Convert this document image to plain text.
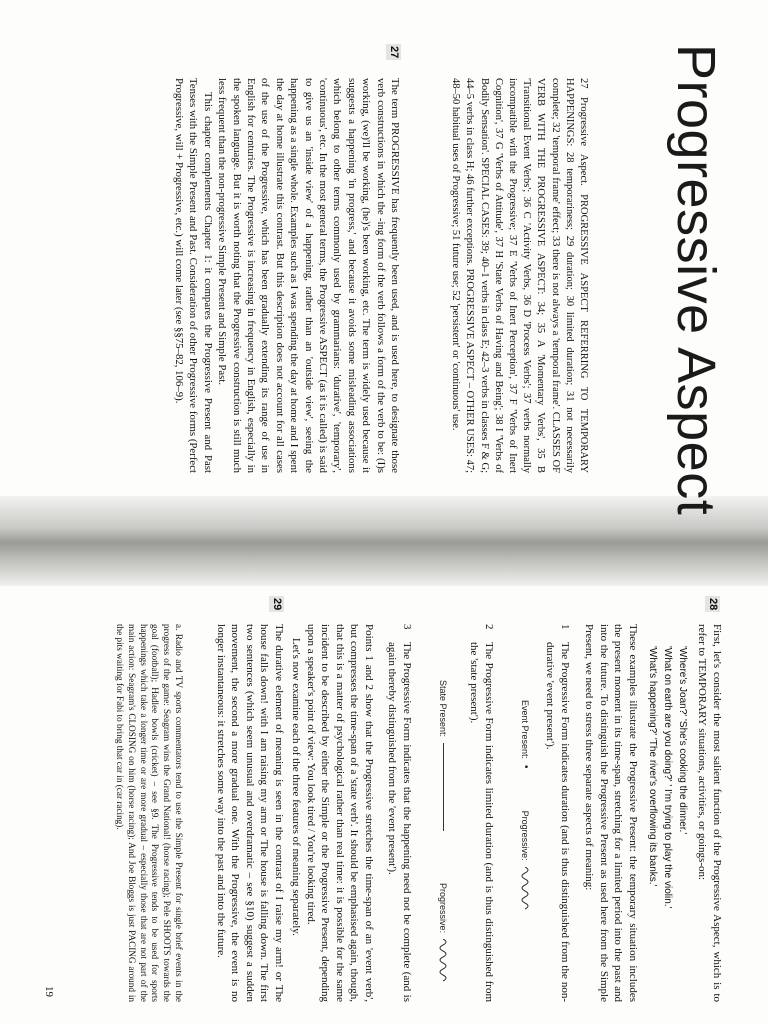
Progressive Aspect

27 Progressive Aspect. PROGRESSIVE ASPECT REFERRING TO TEMPORARY HAPPENINGS: 28 temporariness; 29 duration; 30 limited duration; 31 not necessarily complete; 32 'temporal frame' effect; 33 there is not always a 'temporal frame'. CLASSES OF VERB WITH THE PROGRESSIVE ASPECT: 34; 35 A 'Momentary Verbs', 35 B 'Transitional Event Verbs'; 36 C 'Activity Verbs, 36 D 'Process Verbs'; 37 verbs normally incompatible with the Progressive; 37 E 'Verbs of Inert Perception', 37 F 'Verbs of Inert Cognition', 37 G 'Verbs of Attitude', 37 H 'State Verbs of Having and Being'; 38 I 'Verbs of Bodily Sensation'. SPECIAL CASES: 39; 40–1 verbs in class E; 42–3 verbs in classes F & G; 44–5 verbs in class H; 46 further exceptions. PROGRESSIVE ASPECT – OTHER USES: 47; 48–50 habitual uses of Progressive; 51 future use; 52 'persistent' or 'continuous' use.

27

The term PROGRESSIVE has frequently been used, and is used here, to designate those verb constructions in which the -ing form of the verb follows a form of the verb to be: (I)s working, (we)'ll be working, (he)'s been working, etc. The term is widely used because it suggests a happening 'in progress,' and because it avoids some misleading associations which belong to other terms commonly used by grammarians: 'durative', 'temporary', 'continuous', etc. In the most general terms, the Progressive ASPECT (as it is called) is said to give us an 'inside view' of a happening, rather than an 'outside view', seeing the happening as a single whole. Examples such as I was spending the day at home and I spent the day at home illustrate this contrast. But this description does not account for all cases of the use of the Progressive, which has been gradually extending its range of use in English for centuries. The Progressive is increasing in frequency in English, especially in the spoken language. But it is worth noting that the Progressive construction is still much less frequent than the non-progressive Simple Present and Simple Past.

This chapter complements Chapter 1: it compares the Progressive Present and Past Tenses with the Simple Present and Past. Consideration of other Progressive forms (Perfect Progressive, will + Progressive, etc.) will come later (see §§75–82, 106–9).

28

First, let's consider the most salient function of the Progressive Aspect, which is to refer to TEMPORARY situations, activities, or goings-on:

'Where's Joan?' 'She's cooking the dinner.'
'What on earth are you doing?' ' I'm trying to play the violin.'
'What's happening?' 'The river's overflowing its banks.'

These examples illustrate the Progressive Present: the temporary situation includes the present moment in its time-span, stretching for a limited period into the past and into the future. To distinguish the Progressive Present as used here from the Simple Present, we need to stress three separate aspects of meaning:

1
The Progressive Form indicates duration (and is thus distinguished from the non-durative 'event present').
Event Present:
•
Progressive:
2
The Progressive Form indicates limited duration (and is thus distinguished from the 'state present').
State Present:
Progressive:
3
The Progressive Form indicates that the happening need not be complete (and is again thereby distinguished from the 'event present').

Points 1 and 2 show that the Progressive stretches the time-span of an 'event verb', but compresses the time-span of a 'state verb'. It should be emphasised again, though, that this is a matter of psychological rather than real time: it is possible for the same incident to be described by either the Simple or the Progressive Present, depending upon a speaker's point of view: You look tired / You're looking tired.

Let's now examine each of the three features of meaning separately.

29

The durative element of meaning is seen in the contrast of I raise my arm! or The house falls down! with I am raising my arm or The house is falling down. The first two sentences (which seem unusual and overdramatic – see §10) suggest a sudden movement, the second a more gradual one. With the Progressive, the event is no longer instantaneous: it stretches some way into the past and into the future.

a. Radio and TV sports commentators tend to use the Simple Present for single brief events in the progress of the game: Seagram wins the Grand National! (horse racing); Pele SHOOTS towards the goal (football); Hadlee bowls (cricket) – see §9. The Progressive tends to be used for sports happenings which take a longer time or are more gradual – especially those that are not part of the main action: Seagram's CLOSING on him (horse racing); And Joe Bloggs is just PACING around in the pits waiting for Fabi to bring that car in (car racing).

19
